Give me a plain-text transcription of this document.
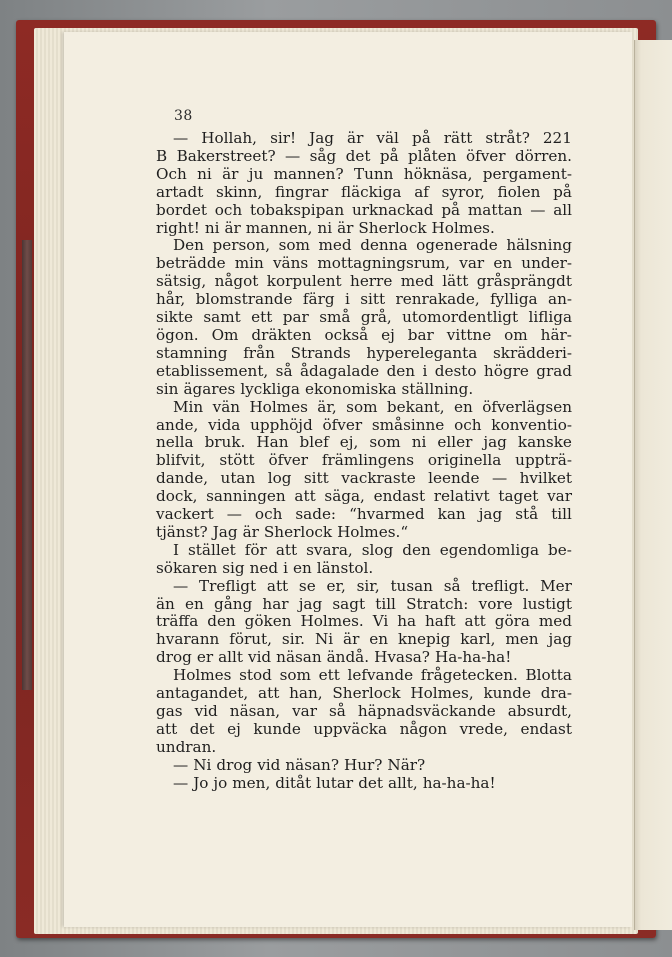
38
— Hollah, sir! Jag är väl på rätt stråt? 221
B Bakerstreet? — såg det på plåten öfver dörren.
Och ni är ju mannen? Tunn höknäsa, pergament-
artadt skinn, fingrar fläckiga af syror, fiolen på
bordet och tobakspipan urknackad på mattan — all
right! ni är mannen, ni är Sherlock Holmes.
Den person, som med denna ogenerade hälsning
beträdde min väns mottagningsrum, var en under-
sätsig, något korpulent herre med lätt gråsprängdt
hår, blomstrande färg i sitt renrakade, fylliga an-
sikte samt ett par små grå, utomordentligt lifliga
ögon. Om dräkten också ej bar vittne om här-
stamning från Strands hypereleganta skrädderi-
etablissement, så ådagalade den i desto högre grad
sin ägares lyckliga ekonomiska ställning.
Min vän Holmes är, som bekant, en öfverlägsen
ande, vida upphöjd öfver småsinne och konventio-
nella bruk. Han blef ej, som ni eller jag kanske
blifvit, stött öfver främlingens originella uppträ-
dande, utan log sitt vackraste leende — hvilket
dock, sanningen att säga, endast relativt taget var
vackert — och sade: “hvarmed kan jag stå till
tjänst? Jag är Sherlock Holmes.“
I stället för att svara, slog den egendomliga be-
sökaren sig ned i en länstol.
— Trefligt att se er, sir, tusan så trefligt. Mer
än en gång har jag sagt till Stratch: vore lustigt
träffa den göken Holmes. Vi ha haft att göra med
hvarann förut, sir. Ni är en knepig karl, men jag
drog er allt vid näsan ändå. Hvasa? Ha-ha-ha!
Holmes stod som ett lefvande frågetecken. Blotta
antagandet, att han, Sherlock Holmes, kunde dra-
gas vid näsan, var så häpnadsväckande absurdt,
att det ej kunde uppväcka någon vrede, endast
undran.
— Ni drog vid näsan? Hur? När?
— Jo jo men, ditåt lutar det allt, ha-ha-ha!
